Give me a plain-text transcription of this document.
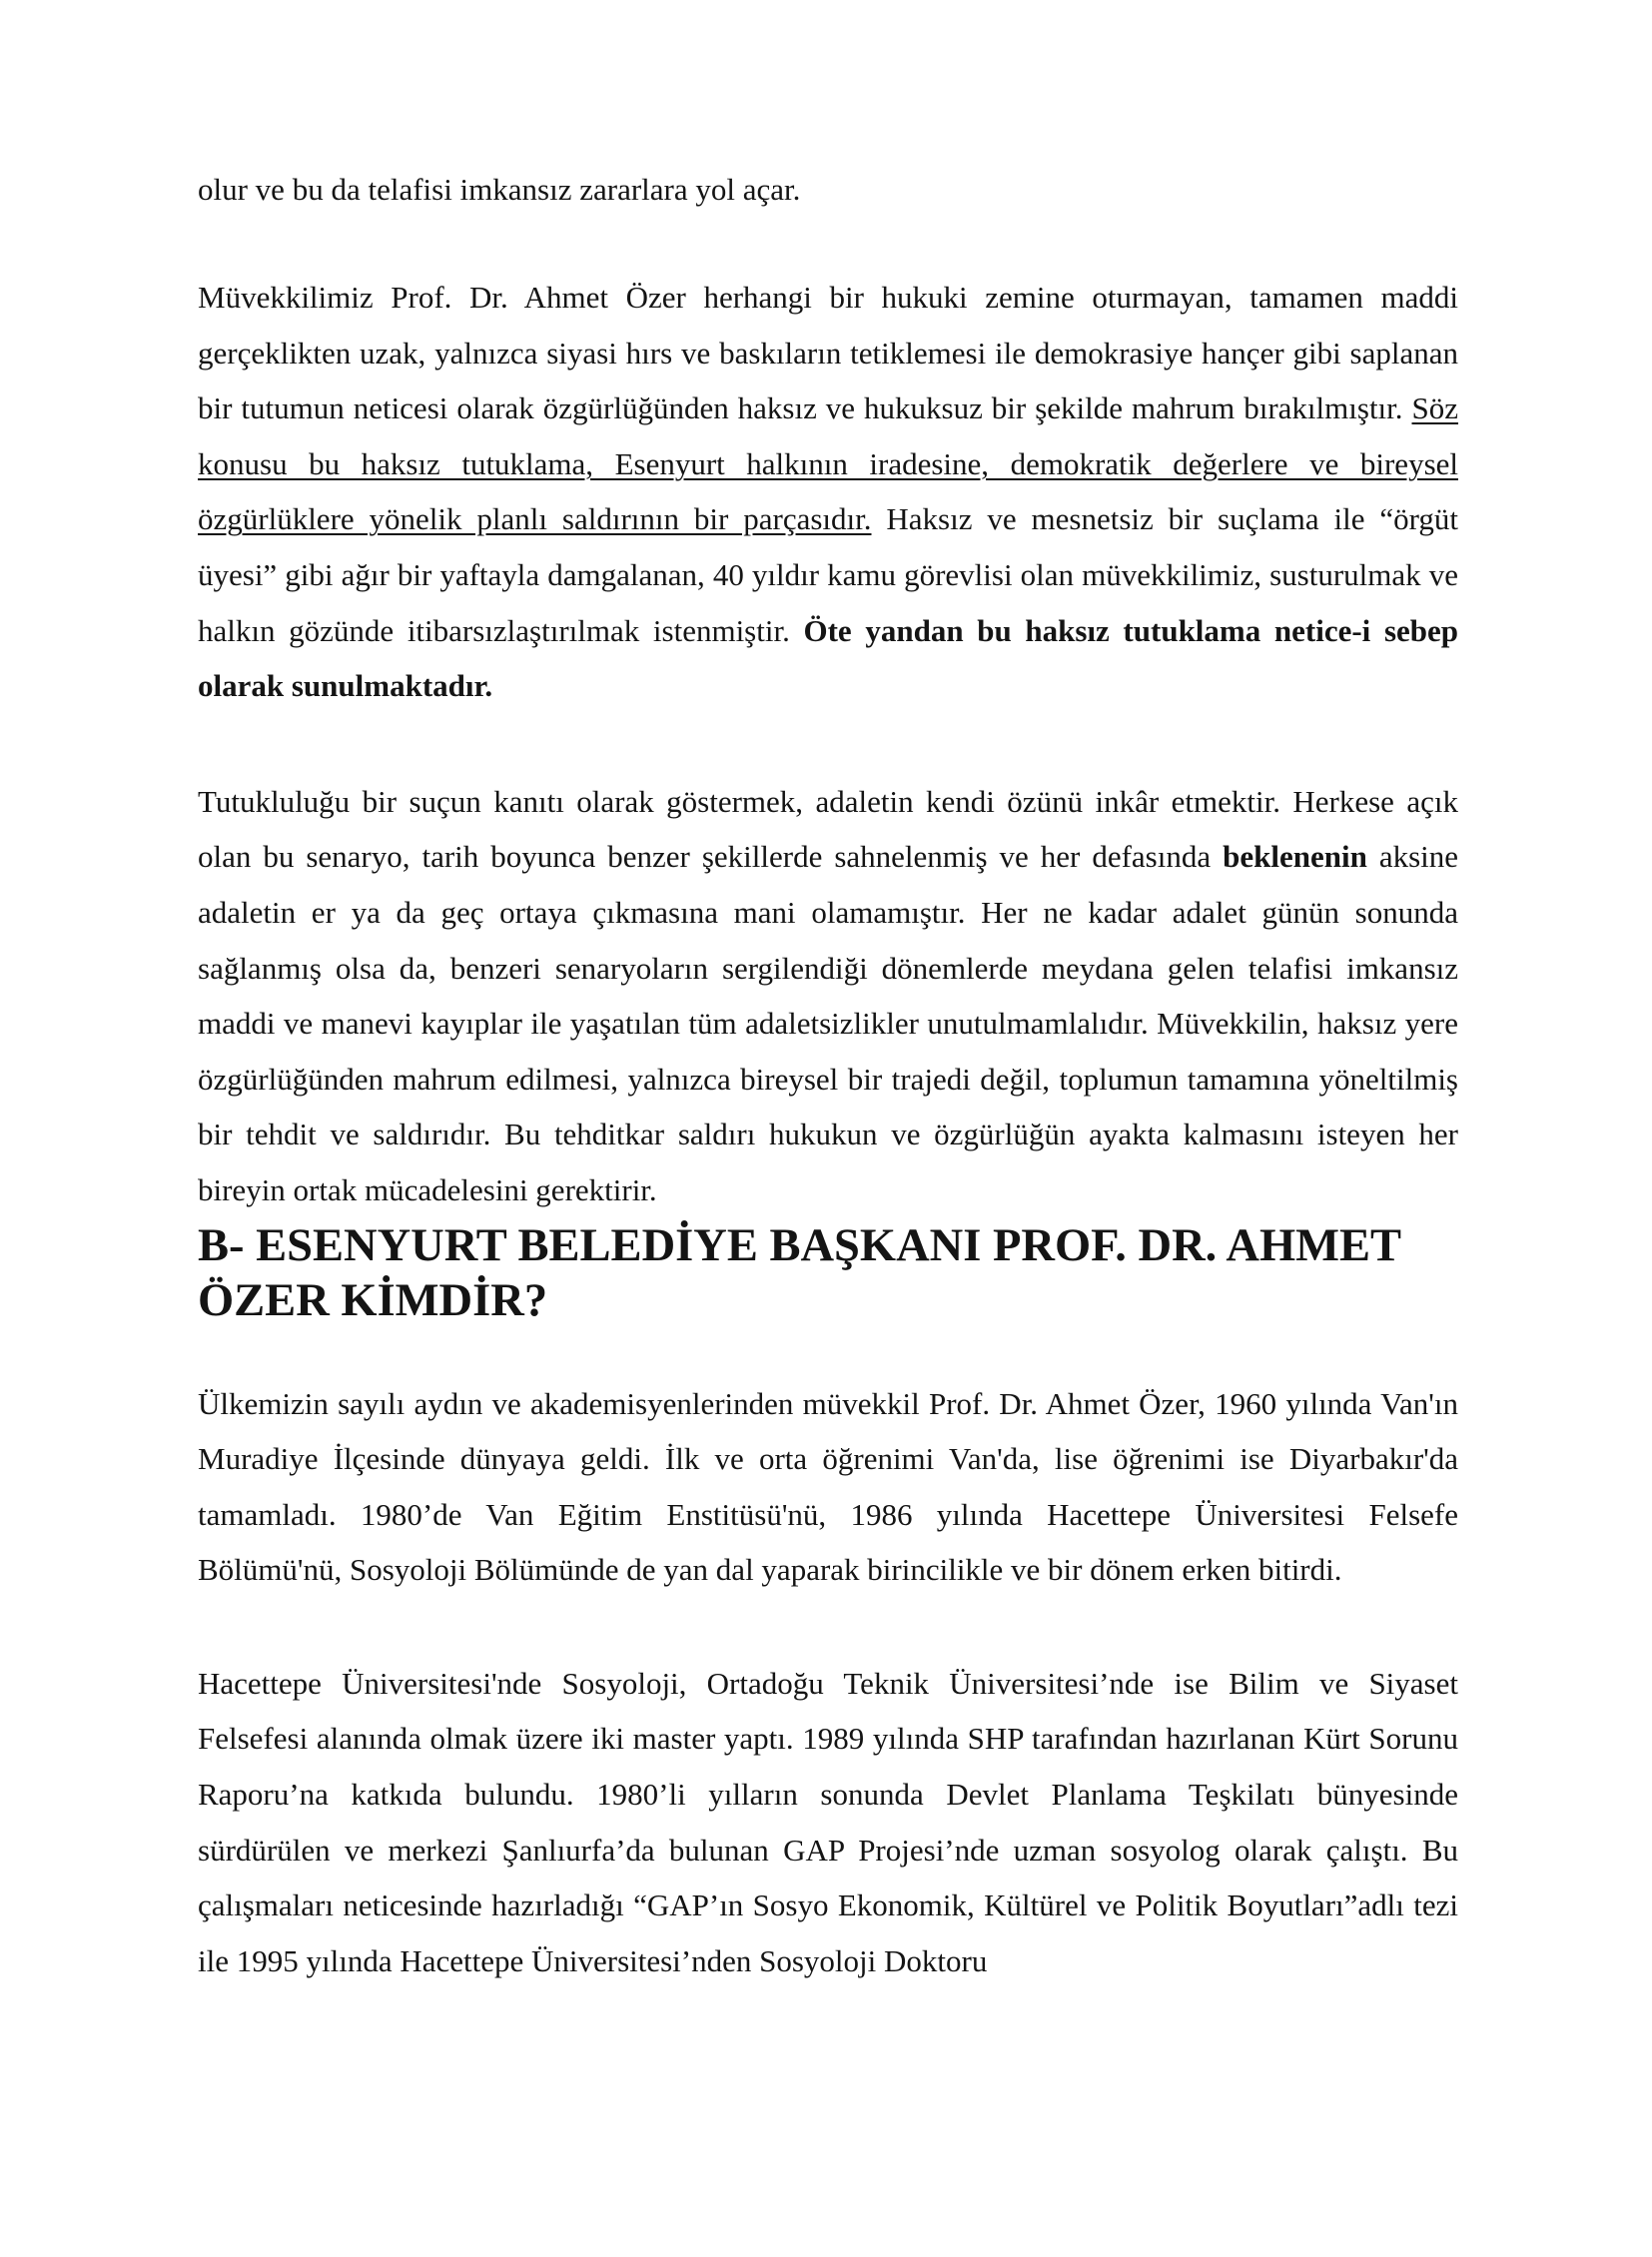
olur ve bu da telafisi imkansız zararlara yol açar.

Müvekkilimiz Prof. Dr. Ahmet Özer herhangi bir hukuki zemine oturmayan, tamamen maddi gerçeklikten uzak, yalnızca siyasi hırs ve baskıların tetiklemesi ile demokrasiye hançer gibi saplanan bir tutumun neticesi olarak özgürlüğünden haksız ve hukuksuz bir şekilde mahrum bırakılmıştır. Söz konusu bu haksız tutuklama, Esenyurt halkının iradesine, demokratik değerlere ve bireysel özgürlüklere yönelik planlı saldırının bir parçasıdır. Haksız ve mesnetsiz bir suçlama ile “örgüt üyesi” gibi ağır bir yaftayla damgalanan, 40 yıldır kamu görevlisi olan müvekkilimiz, susturulmak ve halkın gözünde itibarsızlaştırılmak istenmiştir. Öte yandan bu haksız tutuklama netice-i sebep olarak sunulmaktadır.

Tutukluluğu bir suçun kanıtı olarak göstermek, adaletin kendi özünü inkâr etmektir. Herkese açık olan bu senaryo, tarih boyunca benzer şekillerde sahnelenmiş ve her defasında beklenenin aksine adaletin er ya da geç ortaya çıkmasına mani olamamıştır. Her ne kadar adalet günün sonunda sağlanmış olsa da, benzeri senaryoların sergilendiği dönemlerde meydana gelen telafisi imkansız maddi ve manevi kayıplar ile yaşatılan tüm adaletsizlikler unutulmamlalıdır. Müvekkilin, haksız yere özgürlüğünden mahrum edilmesi, yalnızca bireysel bir trajedi değil, toplumun tamamına yöneltilmiş bir tehdit ve saldırıdır. Bu tehditkar saldırı hukukun ve özgürlüğün ayakta kalmasını isteyen her bireyin ortak mücadelesini gerektirir.

B- ESENYURT BELEDİYE BAŞKANI PROF. DR. AHMET ÖZER KİMDİR?

Ülkemizin sayılı aydın ve akademisyenlerinden müvekkil Prof. Dr. Ahmet Özer, 1960 yılında Van'ın Muradiye İlçesinde dünyaya geldi. İlk ve orta öğrenimi Van'da, lise öğrenimi ise Diyarbakır'da tamamladı. 1980’de Van Eğitim Enstitüsü'nü, 1986 yılında Hacettepe Üniversitesi Felsefe Bölümü'nü, Sosyoloji Bölümünde de yan dal yaparak birincilikle ve bir dönem erken bitirdi.

Hacettepe Üniversitesi'nde Sosyoloji, Ortadoğu Teknik Üniversitesi’nde ise Bilim ve Siyaset Felsefesi alanında olmak üzere iki master yaptı. 1989 yılında SHP tarafından hazırlanan Kürt Sorunu Raporu’na katkıda bulundu. 1980’li yılların sonunda Devlet Planlama Teşkilatı bünyesinde sürdürülen ve merkezi Şanlıurfa’da bulunan GAP Projesi’nde uzman sosyolog olarak çalıştı. Bu çalışmaları neticesinde hazırladığı “GAP’ın Sosyo Ekonomik, Kültürel ve Politik Boyutları”adlı tezi ile 1995 yılında Hacettepe Üniversitesi’nden Sosyoloji Doktoru
